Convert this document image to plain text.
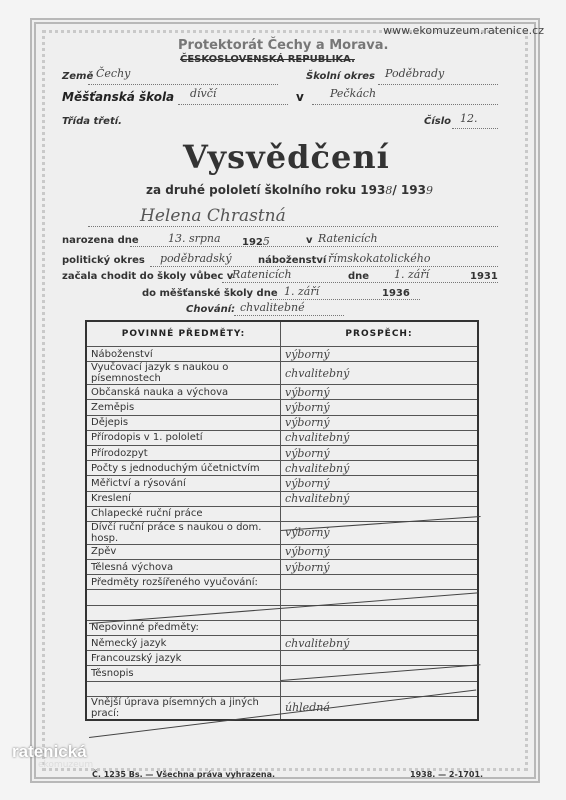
www.ekomuzeum.ratenice.cz
Protektorát Čechy a Morava.
ČESKOSLOVENSKÁ REPUBLIKA.
Země Čechy	Školní okres Poděbrady
Měšťanská škola dívčí	v Pečkách
Třída třetí.	Číslo 12.
Vysvědčení
za druhé pololetí školního roku 1938/ 1939
Helena Chrastná
narozena dne	13. srpna 1925	v Ratenicích
politický okres poděbradský	náboženství římskokatolického
začala chodit do školy vůbec v
Ratenicích	dne 1. září	1931
do měšťanské školy dne 1. září	1936
Chování: chvalitebné
POVINNÉ PŘEDMĚTY:	PROSPĚCH:
Náboženství	výborný
Vyučovací jazyk s naukou o písemnostech	chvalitebný
Občanská nauka a výchova	výborný
Zeměpis	výborný
Dějepis	výborný
Přírodopis v 1. pololetí	chvalitebný
Přírodozpyt	výborný
Počty s jednoduchým účetnictvím	chvalitebný
Měřictví a rýsování	výborný
Kreslení	chvalitebný
Chlapecké ruční práce	
Dívčí ruční práce s naukou o dom. hosp.	výborný
Zpěv	výborný
Tělesná výchova	výborný
Předměty rozšířeného vyučování:	

Nepovinné předměty:	
Německý jazyk	chvalitebný
Francouzský jazyk	
Těsnopis	

Vnější úprava písemných a jiných prací:	úhledná
ratenická
ekomuzeum
Č. 1235 Bs. — Všechna práva vyhrazena.	1938. — 2-1701.
